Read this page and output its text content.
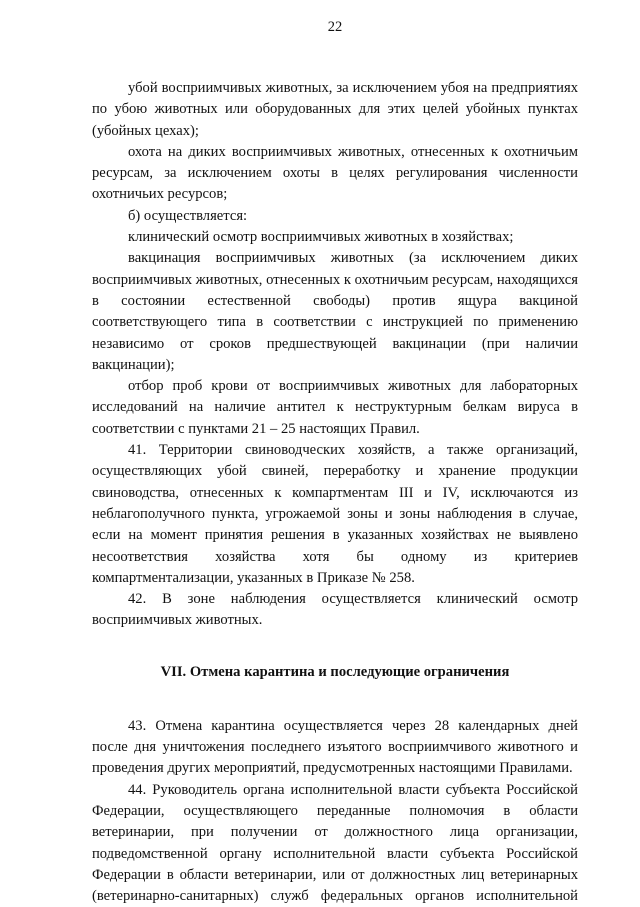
22

убой восприимчивых животных, за исключением убоя на предприятиях по убою животных или оборудованных для этих целей убойных пунктах (убойных цехах);

охота на диких восприимчивых животных, отнесенных к охотничьим ресурсам, за исключением охоты в целях регулирования численности охотничьих ресурсов;

б) осуществляется:

клинический осмотр восприимчивых животных в хозяйствах;

вакцинация восприимчивых животных (за исключением диких восприимчивых животных, отнесенных к охотничьим ресурсам, находящихся в состоянии естественной свободы) против ящура вакциной соответствующего типа в соответствии с инструкцией по применению независимо от сроков предшествующей вакцинации (при наличии вакцинации);

отбор проб крови от восприимчивых животных для лабораторных исследований на наличие антител к неструктурным белкам вируса в соответствии с пунктами 21 – 25 настоящих Правил.

41. Территории свиноводческих хозяйств, а также организаций, осуществляющих убой свиней, переработку и хранение продукции свиноводства, отнесенных к компартментам III и IV, исключаются из неблагополучного пункта, угрожаемой зоны и зоны наблюдения в случае, если на момент принятия решения в указанных хозяйствах не выявлено несоответствия хозяйства хотя бы одному из критериев компартментализации, указанных в Приказе № 258.

42. В зоне наблюдения осуществляется клинический осмотр восприимчивых животных.

VII. Отмена карантина и последующие ограничения

43. Отмена карантина осуществляется через 28 календарных дней после дня уничтожения последнего изъятого восприимчивого животного и проведения других мероприятий, предусмотренных настоящими Правилами.

44. Руководитель органа исполнительной власти субъекта Российской Федерации, осуществляющего переданные полномочия в области ветеринарии, при получении от должностного лица организации, подведомственной органу исполнительной власти субъекта Российской Федерации в области ветеринарии, или от должностных лиц ветеринарных (ветеринарно-санитарных) служб федеральных органов исполнительной
